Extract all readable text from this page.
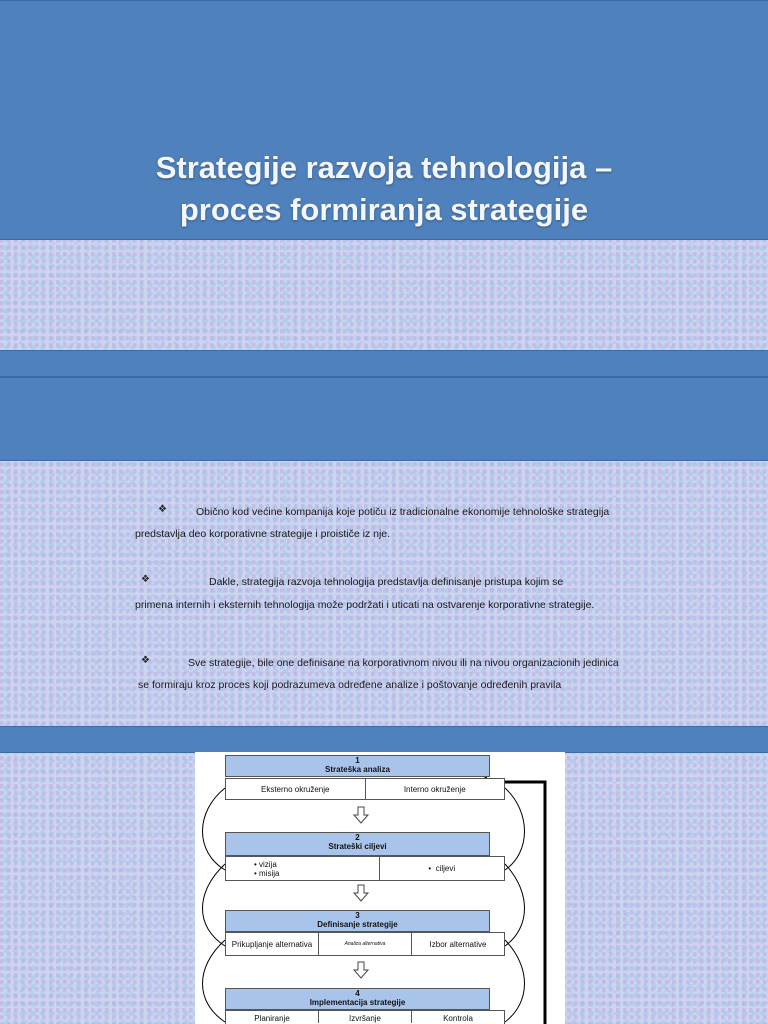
Strategije razvoja tehnologija –
proces formiranja strategije
❖	Obično kod većine kompanija koje potiču iz tradicionalne ekonomije tehnološke strategija
predstavlja deo korporativne strategije i proističe iz nje.
❖	Dakle, strategija razvoja tehnologija predstavlja definisanje pristupa kojim se
primena internih i eksternih tehnologija može podržati i uticati na ostvarenje korporativne strategije.
❖	Sve strategije, bile one definisane na korporativnom nivou ili na nivou organizacionih jedinica
se formiraju kroz proces koji podrazumeva određene analize i poštovanje određenih pravila
1
Strateška analiza
Eksterno okruženje	Interno okruženje
2
Strateški ciljevi
• vizija
• misija	• ciljevi
3
Definisanje strategije
Prikupljanje alternativa	Analiza alternativa	Izbor alternative
4
Implementacija strategije
Planiranje	Izvršanje	Kontrola
